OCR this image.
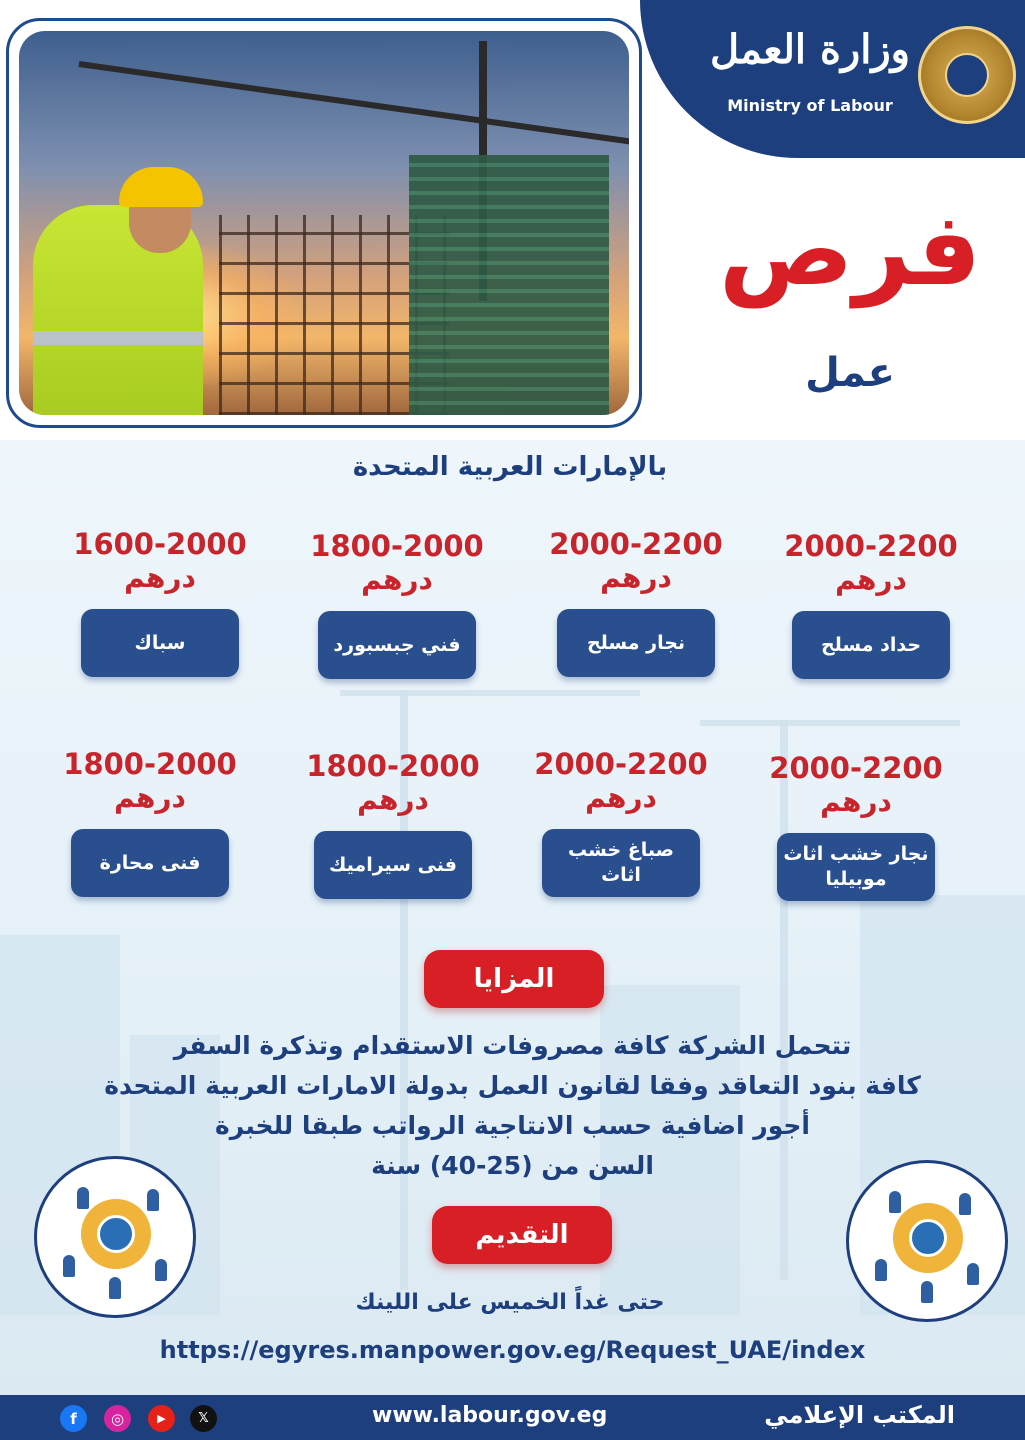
وزارة العمل
Ministry of Labour
فرص
عمل
بالإمارات العربية المتحدة
2000-2200
درهم
حداد مسلح
2000-2200
درهم
نجار مسلح
1800-2000
درهم
فني جبسبورد
1600-2000
درهم
سباك
2000-2200
درهم
نجار خشب اثاث موبيليا
2000-2200
درهم
صباغ خشب اثاث
1800-2000
درهم
فنى سيراميك
1800-2000
درهم
فنى محارة
المزايا
تتحمل الشركة كافة مصروفات الاستقدام وتذكرة السفر
كافة بنود التعاقد وفقا لقانون العمل بدولة الامارات العربية المتحدة
أجور اضافية حسب الانتاجية الرواتب طبقا للخبرة
السن من (25-40) سنة
التقديم
حتى غداً الخميس على اللينك
https://egyres.manpower.gov.eg/Request_UAE/index
المكتب الإعلامي
www.labour.gov.eg
f	◎	▶	𝕏
